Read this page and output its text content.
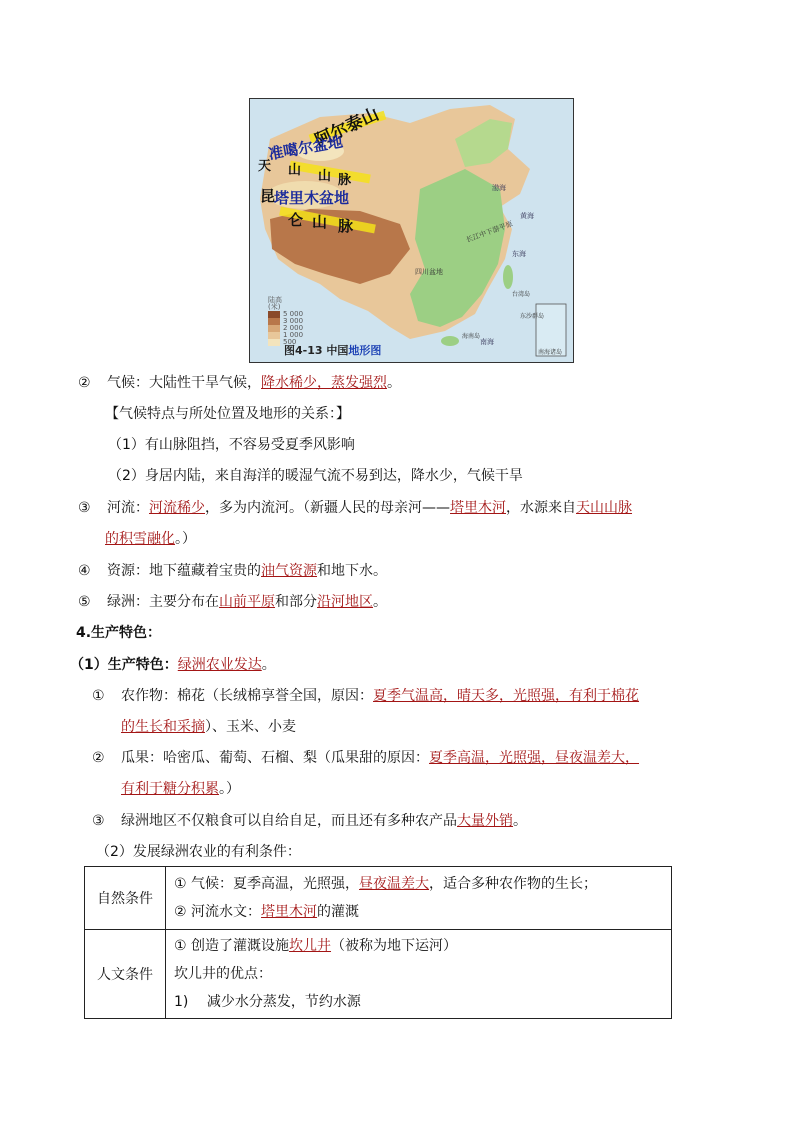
阿尔泰山
准噶尔盆地
天 山 山 脉
昆
塔里木盆地
仑 山 脉
四川盆地
长江中下游平原
东海
南海
台湾岛
海南岛
东沙群岛
南海诸岛
渤海
黄海
陆高
(米)
5 000
3 000
2 000
1 000
500
图4-13 中国地形图
② 气候：大陆性干旱气候，降水稀少，蒸发强烈。
【气候特点与所处位置及地形的关系：】
（1）有山脉阻挡，不容易受夏季风影响
（2）身居内陆，来自海洋的暖湿气流不易到达，降水少，气候干旱
③ 河流：河流稀少，多为内流河。（新疆人民的母亲河——塔里木河，水源来自天山山脉
的积雪融化。）
④ 资源：地下蕴藏着宝贵的油气资源和地下水。
⑤ 绿洲：主要分布在山前平原和部分沿河地区。
4.生产特色：
（1）生产特色：绿洲农业发达。
① 农作物：棉花（长绒棉享誉全国，原因：夏季气温高，晴天多，光照强，有利于棉花
的生长和采摘）、玉米、小麦
② 瓜果：哈密瓜、葡萄、石榴、梨（瓜果甜的原因：夏季高温，光照强，昼夜温差大，
有利于糖分积累。）
③ 绿洲地区不仅粮食可以自给自足，而且还有多种农产品大量外销。
（2）发展绿洲农业的有利条件：
自然条件	① 气候：夏季高温，光照强，昼夜温差大，适合多种农作物的生长；
② 河流水文：塔里木河的灌溉

人文条件	① 创造了灌溉设施坎儿井（被称为地下运河）
坎儿井的优点：
1) 减少水分蒸发，节约水源
